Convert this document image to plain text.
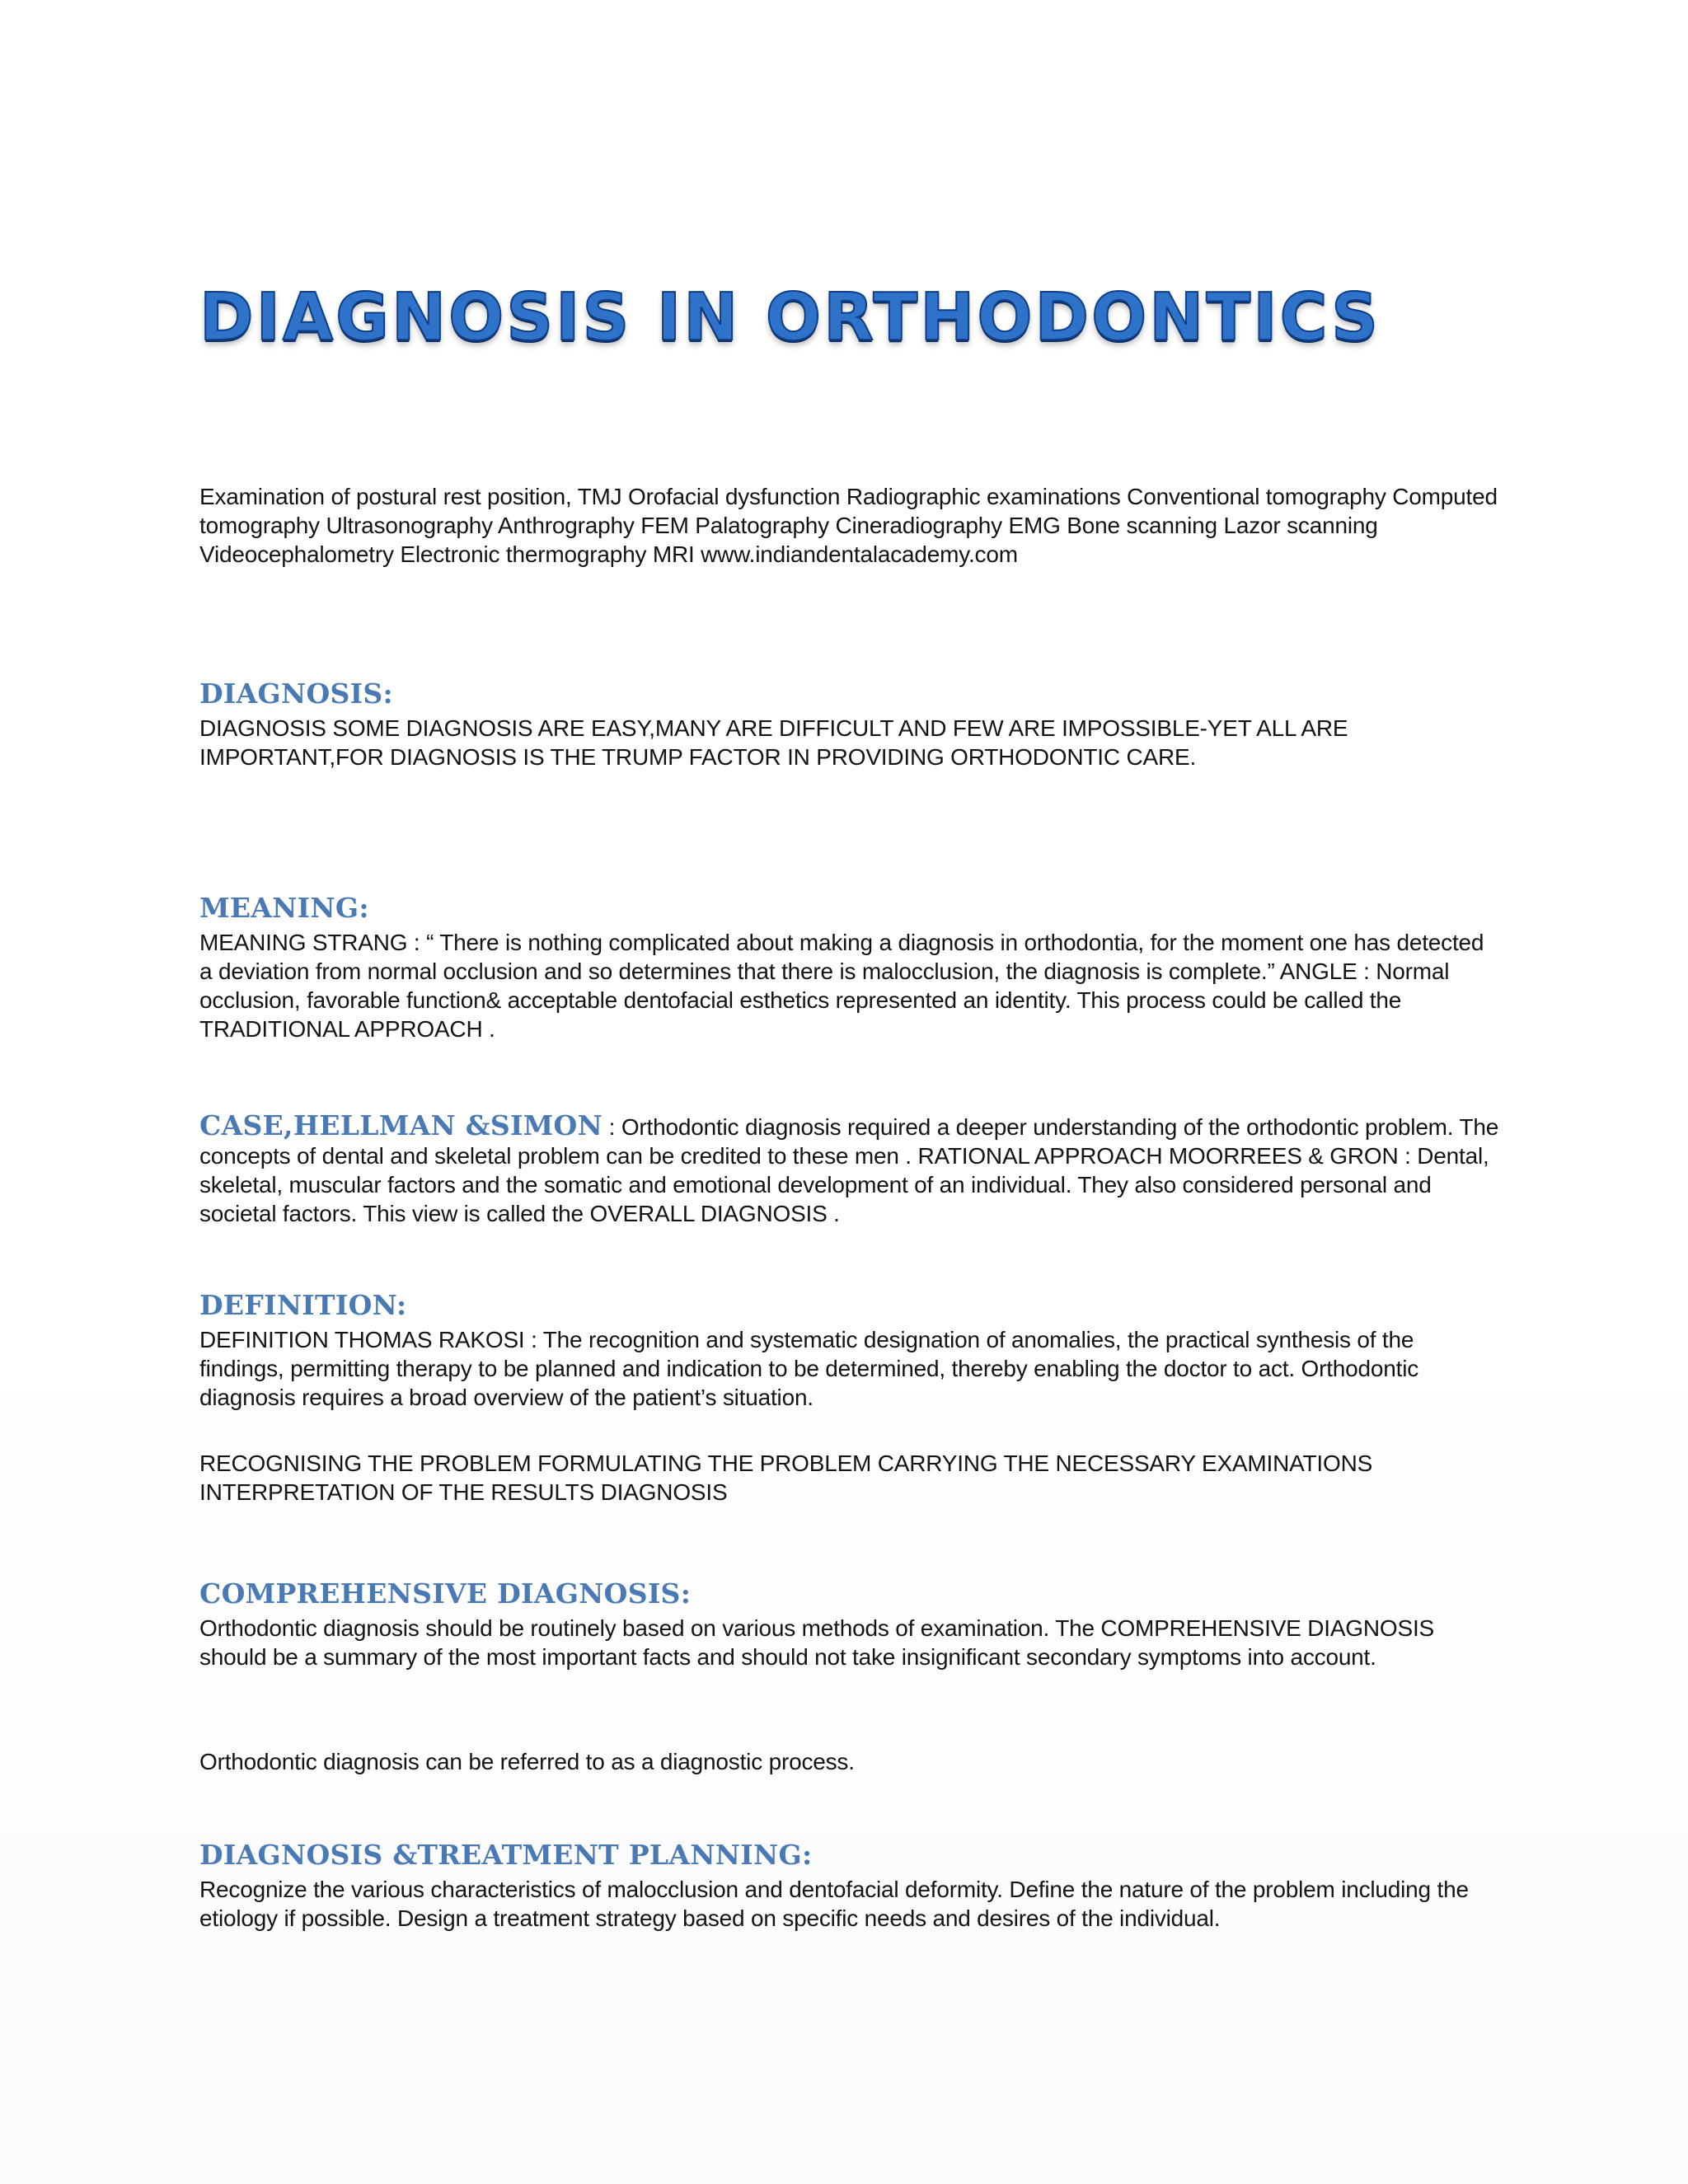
DIAGNOSIS IN ORTHODONTICS

Examination of postural rest position, TMJ Orofacial dysfunction Radiographic examinations Conventional tomography Computed tomography Ultrasonography Anthrography FEM Palatography Cineradiography EMG Bone scanning Lazor scanning Videocephalometry Electronic thermography MRI www.indiandentalacademy.com

DIAGNOSIS:

DIAGNOSIS SOME DIAGNOSIS ARE EASY,MANY ARE DIFFICULT AND FEW ARE IMPOSSIBLE-YET ALL ARE IMPORTANT,FOR DIAGNOSIS IS THE TRUMP FACTOR IN PROVIDING ORTHODONTIC CARE.

MEANING:

MEANING STRANG : “ There is nothing complicated about making a diagnosis in orthodontia, for the moment one has detected a deviation from normal occlusion and so determines that there is malocclusion, the diagnosis is complete.” ANGLE : Normal occlusion, favorable function& acceptable dentofacial esthetics represented an identity. This process could be called the TRADITIONAL APPROACH .

CASE,HELLMAN &SIMON : Orthodontic diagnosis required a deeper understanding of the orthodontic problem. The concepts of dental and skeletal problem can be credited to these men . RATIONAL APPROACH MOORREES & GRON : Dental, skeletal, muscular factors and the somatic and emotional development of an individual. They also considered personal and societal factors. This view is called the OVERALL DIAGNOSIS .

DEFINITION:

DEFINITION THOMAS RAKOSI : The recognition and systematic designation of anomalies, the practical synthesis of the findings, permitting therapy to be planned and indication to be determined, thereby enabling the doctor to act. Orthodontic diagnosis requires a broad overview of the patient’s situation.

RECOGNISING THE PROBLEM FORMULATING THE PROBLEM CARRYING THE NECESSARY EXAMINATIONS INTERPRETATION OF THE RESULTS DIAGNOSIS

COMPREHENSIVE DIAGNOSIS:

Orthodontic diagnosis should be routinely based on various methods of examination. The COMPREHENSIVE DIAGNOSIS should be a summary of the most important facts and should not take insignificant secondary symptoms into account.

Orthodontic diagnosis can be referred to as a diagnostic process.

DIAGNOSIS &TREATMENT PLANNING:

Recognize the various characteristics of malocclusion and dentofacial deformity. Define the nature of the problem including the etiology if possible. Design a treatment strategy based on specific needs and desires of the individual.
